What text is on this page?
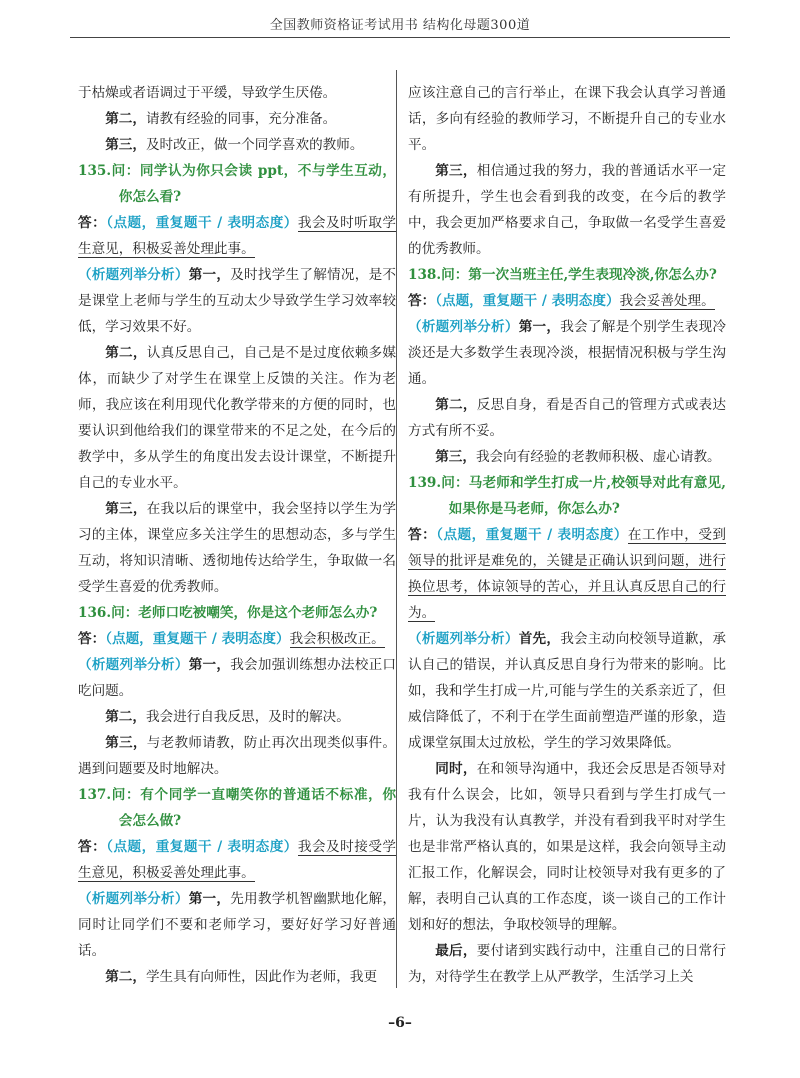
全国教师资格证考试用书 结构化母题300道

于枯燥或者语调过于平缓，导致学生厌倦。

第二，请教有经验的同事，充分准备。

第三，及时改正，做一个同学喜欢的教师。

135.问：同学认为你只会读 ppt，不与学生互动，你怎么看?

答：（点题，重复题干 / 表明态度）我会及时听取学生意见，积极妥善处理此事。

（析题列举分析）第一，及时找学生了解情况，是不是课堂上老师与学生的互动太少导致学生学习效率较低，学习效果不好。

第二，认真反思自己，自己是不是过度依赖多媒体，而缺少了对学生在课堂上反馈的关注。作为老师，我应该在利用现代化教学带来的方便的同时，也要认识到他给我们的课堂带来的不足之处，在今后的教学中，多从学生的角度出发去设计课堂，不断提升自己的专业水平。

第三，在我以后的课堂中，我会坚持以学生为学习的主体，课堂应多关注学生的思想动态，多与学生互动，将知识清晰、透彻地传达给学生，争取做一名受学生喜爱的优秀教师。

136.问：老师口吃被嘲笑，你是这个老师怎么办?

答：（点题，重复题干 / 表明态度）我会积极改正。

（析题列举分析）第一，我会加强训练想办法校正口吃问题。

第二，我会进行自我反思，及时的解决。

第三，与老教师请教，防止再次出现类似事件。遇到问题要及时地解决。

137.问：有个同学一直嘲笑你的普通话不标准，你会怎么做?

答：（点题，重复题干 / 表明态度）我会及时接受学生意见，积极妥善处理此事。

（析题列举分析）第一，先用教学机智幽默地化解，同时让同学们不要和老师学习，要好好学习好普通话。

第二，学生具有向师性，因此作为老师，我更

应该注意自己的言行举止，在课下我会认真学习普通话，多向有经验的教师学习，不断提升自己的专业水平。

第三，相信通过我的努力，我的普通话水平一定有所提升，学生也会看到我的改变，在今后的教学中，我会更加严格要求自己，争取做一名受学生喜爱的优秀教师。

138.问：第一次当班主任,学生表现冷淡,你怎么办?

答：（点题，重复题干 / 表明态度）我会妥善处理。

（析题列举分析）第一，我会了解是个别学生表现冷淡还是大多数学生表现冷淡，根据情况积极与学生沟通。

第二，反思自身，看是否自己的管理方式或表达方式有所不妥。

第三，我会向有经验的老教师积极、虚心请教。

139.问：马老师和学生打成一片,校领导对此有意见,如果你是马老师，你怎么办?

答：（点题，重复题干 / 表明态度）在工作中，受到领导的批评是难免的，关键是正确认识到问题，进行换位思考，体谅领导的苦心，并且认真反思自己的行为。

（析题列举分析）首先，我会主动向校领导道歉，承认自己的错误，并认真反思自身行为带来的影响。比如，我和学生打成一片,可能与学生的关系亲近了，但威信降低了，不利于在学生面前塑造严谨的形象，造成课堂氛围太过放松，学生的学习效果降低。

同时，在和领导沟通中，我还会反思是否领导对我有什么误会，比如，领导只看到与学生打成气一片，认为我没有认真教学，并没有看到我平时对学生也是非常严格认真的，如果是这样，我会向领导主动汇报工作，化解误会，同时让校领导对我有更多的了解，表明自己认真的工作态度，谈一谈自己的工作计划和好的想法，争取校领导的理解。

最后，要付诸到实践行动中，注重自己的日常行为，对待学生在教学上从严教学，生活学习上关

–6–
